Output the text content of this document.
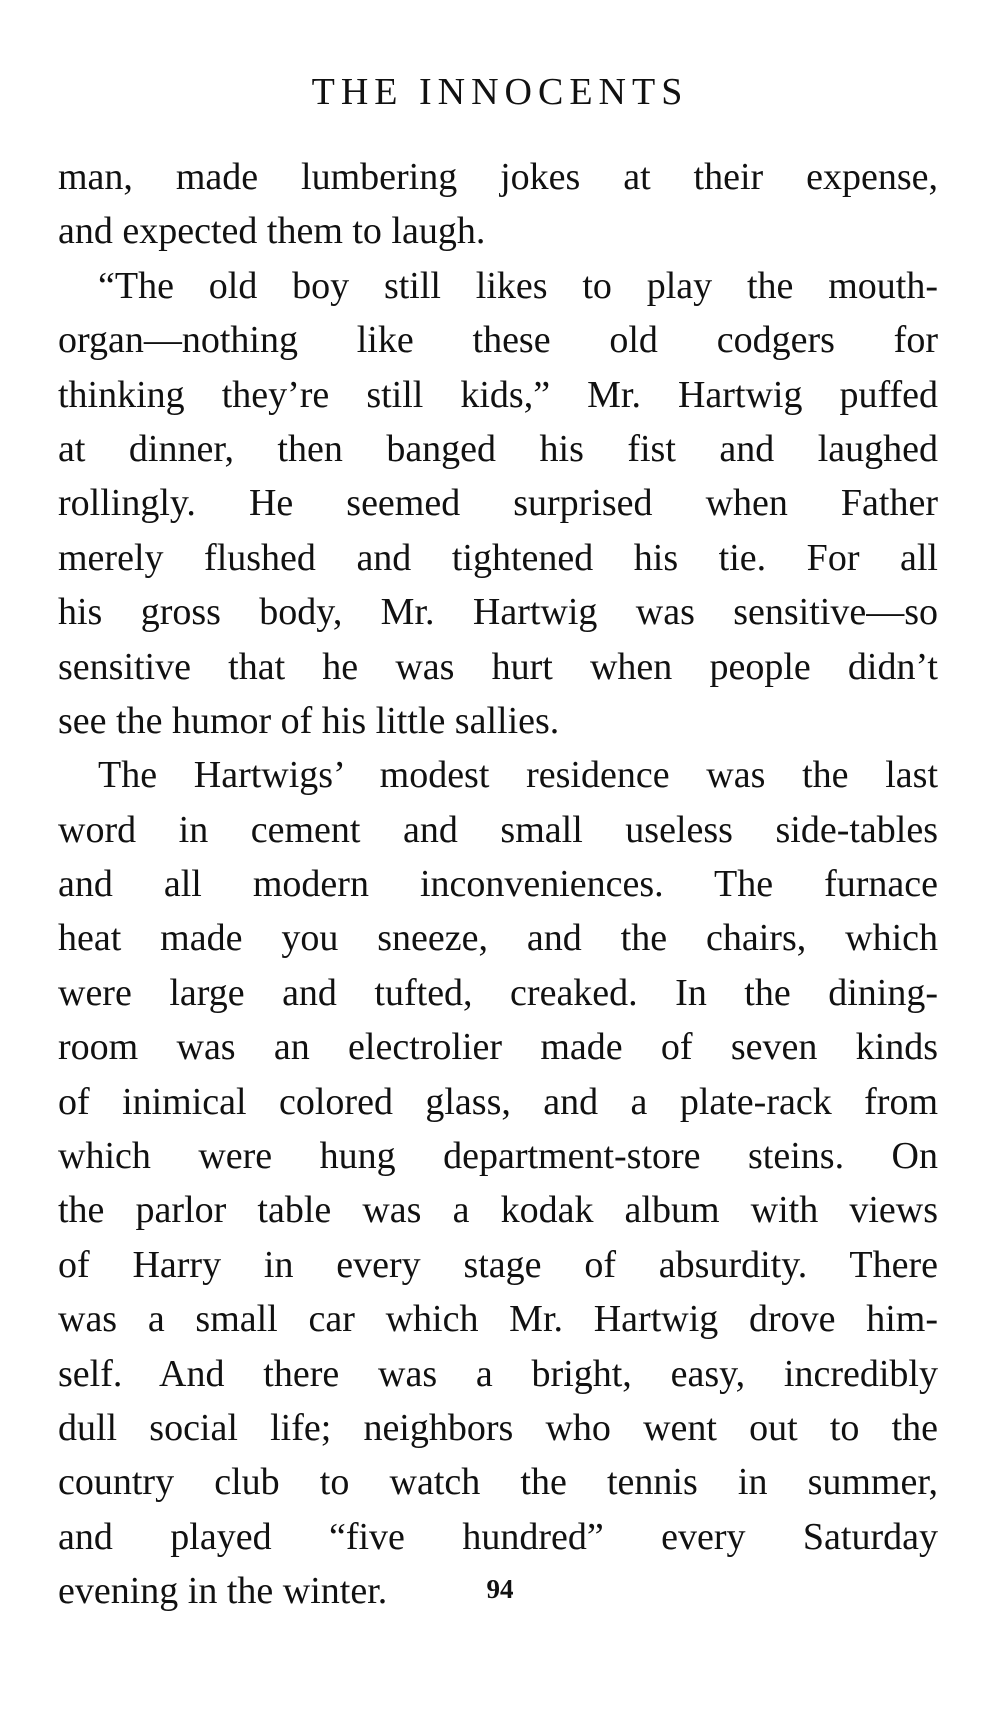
THE INNOCENTS
man, made lumbering jokes at their expense,
and expected them to laugh.
“The old boy still likes to play the mouth-
organ—nothing like these old codgers for
thinking they’re still kids,” Mr. Hartwig puffed
at dinner, then banged his fist and laughed
rollingly. He seemed surprised when Father
merely flushed and tightened his tie. For all
his gross body, Mr. Hartwig was sensitive—so
sensitive that he was hurt when people didn’t
see the humor of his little sallies.
The Hartwigs’ modest residence was the last
word in cement and small useless side-tables
and all modern inconveniences. The furnace
heat made you sneeze, and the chairs, which
were large and tufted, creaked. In the dining-
room was an electrolier made of seven kinds
of inimical colored glass, and a plate-rack from
which were hung department-store steins. On
the parlor table was a kodak album with views
of Harry in every stage of absurdity. There
was a small car which Mr. Hartwig drove him-
self. And there was a bright, easy, incredibly
dull social life; neighbors who went out to the
country club to watch the tennis in summer,
and played “five hundred” every Saturday
evening in the winter.	94
